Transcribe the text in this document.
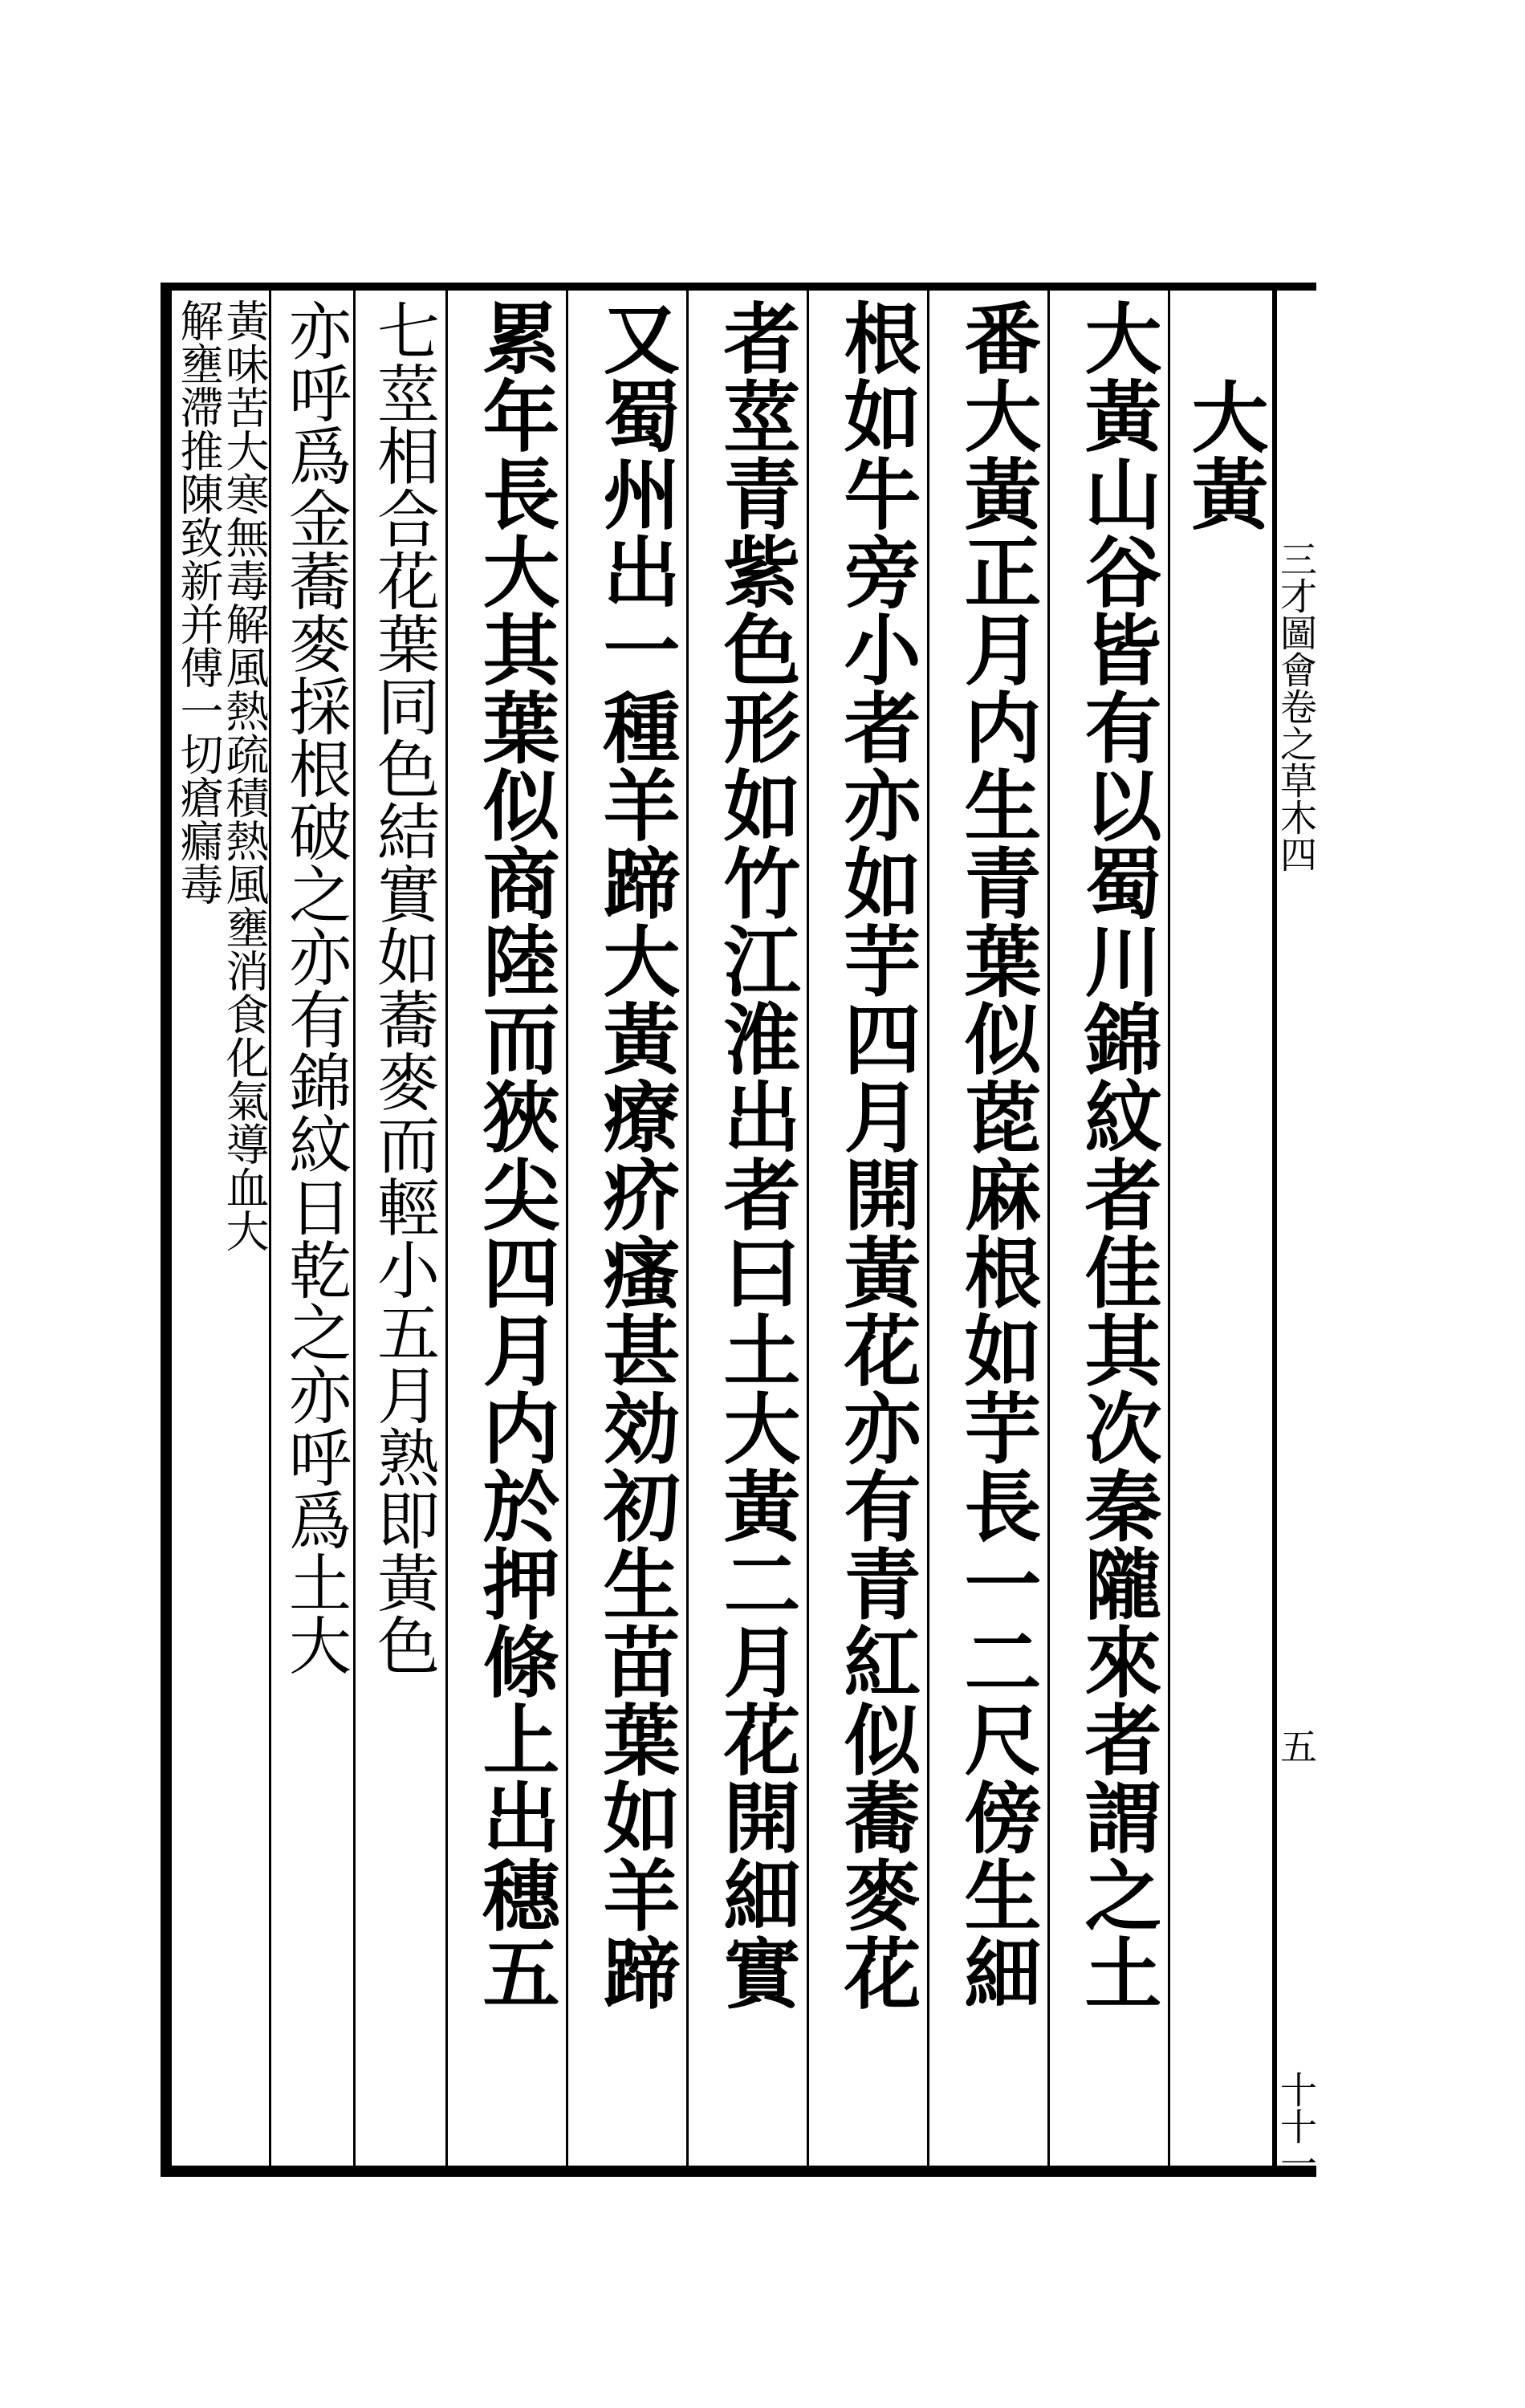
三才圖會卷之草木四
五
十十一
大黃
大黃山谷皆有以蜀川錦紋者佳其次秦隴來者謂之土
番大黃正月内生青葉似萞麻根如芋長一二尺傍生細
根如牛旁小者亦如芋四月開黃花亦有青紅似蕎麥花
者莖青紫色形如竹江淮出者曰土大黃二月花開細實
又蜀州出一種羊蹄大黃療疥瘙甚効初生苗葉如羊蹄
累年長大其葉似商陸而狹尖四月内於押條上出穗五
七莖相合花葉同色結實如蕎麥而輕小五月熟即黃色
亦呼爲金蕎麥採根破之亦有錦紋日乾之亦呼爲土大
黃味苦大寒無毒解風熱疏積熱風壅消食化氣導血大
解壅滯推陳致新并傅一切瘡瘺毒
